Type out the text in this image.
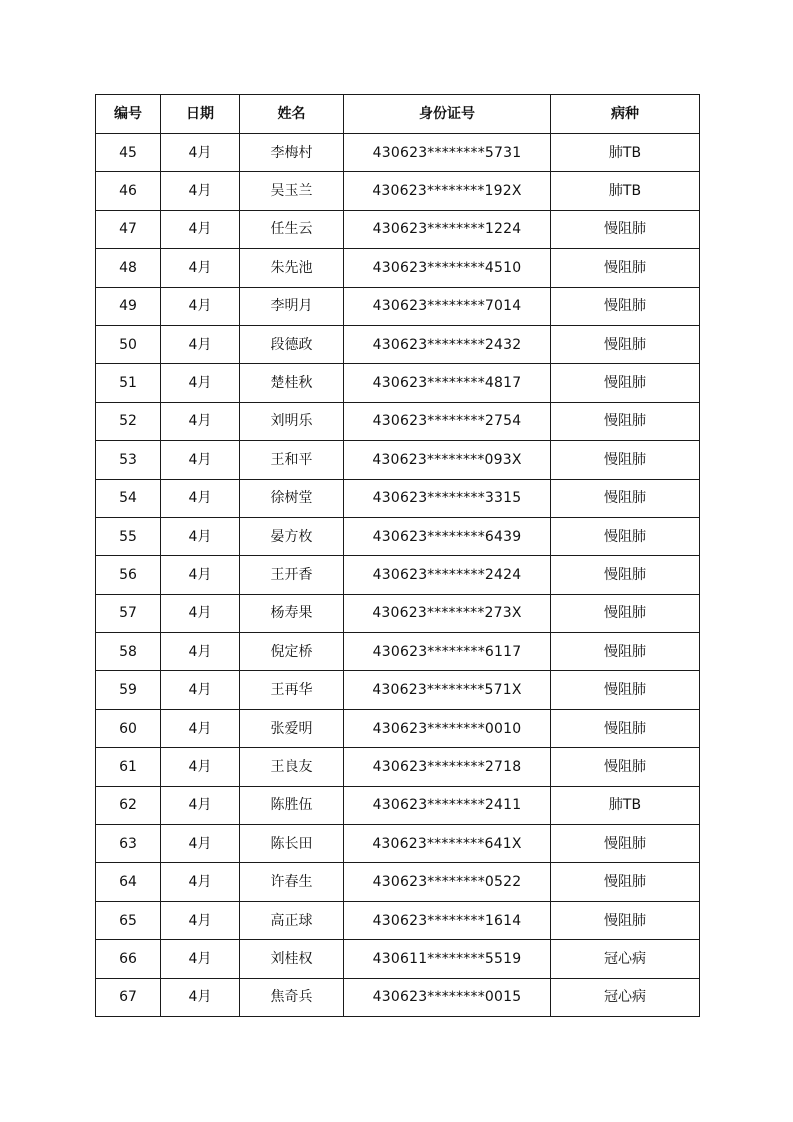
编号	日期	姓名	身份证号	病种
45	4月	李梅村	430623********5731	肺TB
46	4月	吴玉兰	430623********192X	肺TB
47	4月	任生云	430623********1224	慢阻肺
48	4月	朱先池	430623********4510	慢阻肺
49	4月	李明月	430623********7014	慢阻肺
50	4月	段德政	430623********2432	慢阻肺
51	4月	楚桂秋	430623********4817	慢阻肺
52	4月	刘明乐	430623********2754	慢阻肺
53	4月	王和平	430623********093X	慢阻肺
54	4月	徐树堂	430623********3315	慢阻肺
55	4月	晏方枚	430623********6439	慢阻肺
56	4月	王开香	430623********2424	慢阻肺
57	4月	杨寿果	430623********273X	慢阻肺
58	4月	倪定桥	430623********6117	慢阻肺
59	4月	王再华	430623********571X	慢阻肺
60	4月	张爱明	430623********0010	慢阻肺
61	4月	王良友	430623********2718	慢阻肺
62	4月	陈胜伍	430623********2411	肺TB
63	4月	陈长田	430623********641X	慢阻肺
64	4月	许春生	430623********0522	慢阻肺
65	4月	高正球	430623********1614	慢阻肺
66	4月	刘桂权	430611********5519	冠心病
67	4月	焦奇兵	430623********0015	冠心病
